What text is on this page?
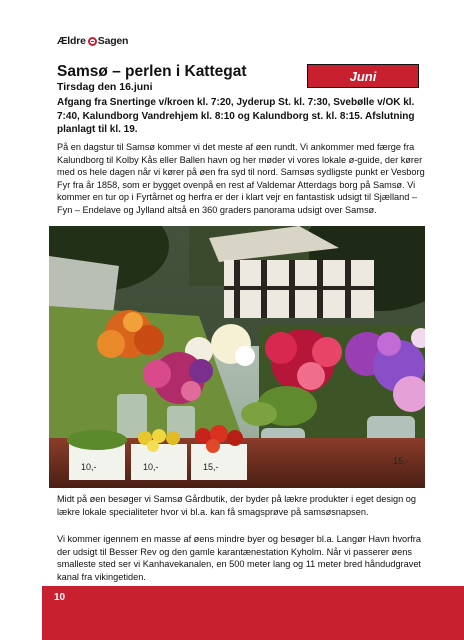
Ældre Sagen
Juni
Samsø – perlen i Kattegat
Tirsdag den 16.juni

Afgang fra Snertinge v/kroen kl. 7:20, Jyderup St. kl. 7:30, Svebølle v/OK kl. 7:40, Kalundborg Vandrehjem kl. 8:10 og Kalundborg st. kl. 8:15. Afslutning planlagt til kl. 19.

På en dagstur til Samsø kommer vi det meste af øen rundt. Vi ankommer med færge fra Kalundborg til Kolby Kås eller Ballen havn og her møder vi vores lokale ø-guide, der kører med os hele dagen når vi kører på øen fra syd til nord. Samsøs sydligste punkt er Vesborg Fyr fra år 1858, som er bygget ovenpå en rest af Valdemar Atterdags borg på Samsø. Vi kommer en tur op i Fyrtårnet og herfra er der i klart vejr en fantastisk udsigt til Sjælland – Fyn – Endelave og Jylland altså en 360 graders panorama udsigt over Samsø.

10,-	10,-	15,-
15,-

Midt på øen besøger vi Samsø Gårdbutik, der byder på lækre produkter i eget design og lækre lokale specialiteter hvor vi bl.a. kan få smagsprøve på samsøsnapsen.

Vi kommer igennem en masse af øens mindre byer og besøger bl.a. Langør Havn hvorfra der udsigt til Besser Rev og den gamle karantænestation Kyholm. Når vi passerer øens smalleste sted ser vi Kanhavekanalen, en 500 meter lang og 11 meter bred håndudgravet kanal fra vikingetiden.

10
